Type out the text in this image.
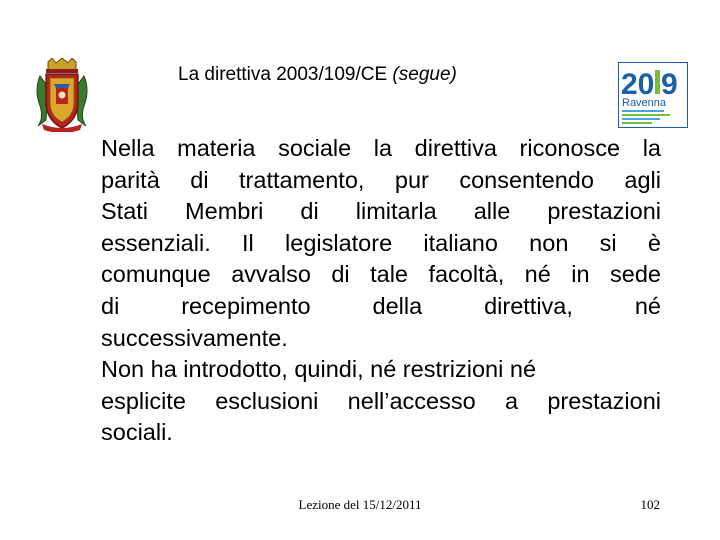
La direttiva 2003/109/CE (segue)	20 9
Ravenna

Nella materia sociale la direttiva riconosce la
parità di trattamento, pur consentendo agli
Stati Membri di limitarla alle prestazioni
essenziali. Il legislatore italiano non si è
comunque avvalso di tale facoltà, né in sede
di recepimento della direttiva, né
successivamente.

Non ha introdotto, quindi, né restrizioni né
esplicite esclusioni nell’accesso a prestazioni
sociali.

Lezione del 15/12/2011	102
